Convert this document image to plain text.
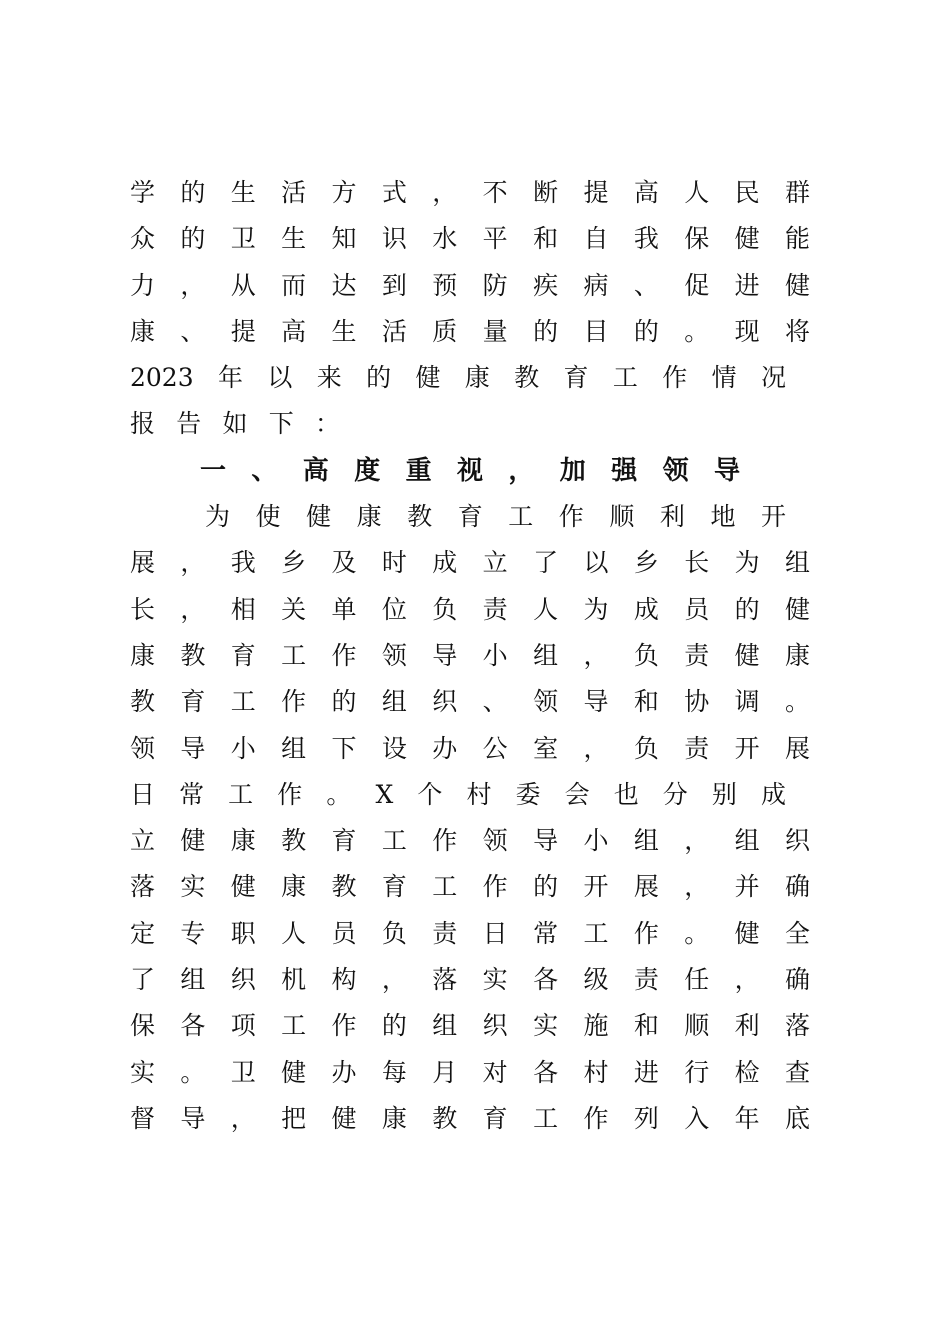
学的生活方式，不断提高人民群
众的卫生知识水平和自我保健能
力，从而达到预防疾病、促进健
康、提高生活质量的目的。现将
2023年以来的健康教育工作情况
报告如下：
一、高度重视，加强领导
为使健康教育工作顺利地开
展，我乡及时成立了以乡长为组
长，相关单位负责人为成员的健
康教育工作领导小组，负责健康
教育工作的组织、领导和协调。
领导小组下设办公室，负责开展
日常工作。X个村委会也分别成
立健康教育工作领导小组，组织
落实健康教育工作的开展，并确
定专职人员负责日常工作。健全
了组织机构，落实各级责任，确
保各项工作的组织实施和顺利落
实。卫健办每月对各村进行检查
督导，把健康教育工作列入年底
